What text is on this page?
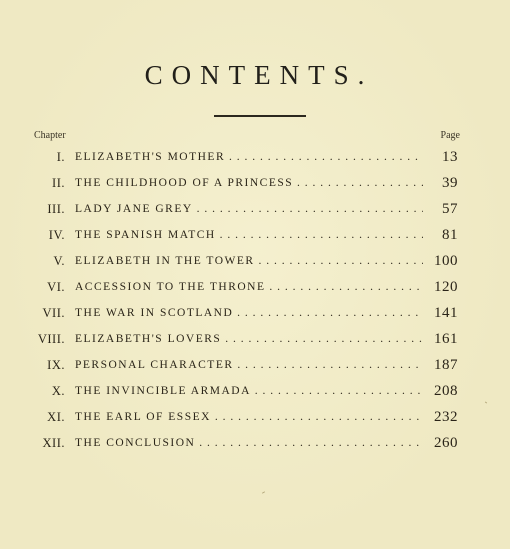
CONTENTS.
Chapter	Page
I. ELIZABETH'S MOTHER . . .	13
II. THE CHILDHOOD OF A PRINCESS . . .	39
III. LADY JANE GREY . . .	57
IV. THE SPANISH MATCH . . .	81
V. ELIZABETH IN THE TOWER . . .	100
VI. ACCESSION TO THE THRONE . . .	120
VII. THE WAR IN SCOTLAND . . .	141
VIII. ELIZABETH'S LOVERS . . .	161
IX. PERSONAL CHARACTER . . .	187
X. THE INVINCIBLE ARMADA . . .	208
XI. THE EARL OF ESSEX . . .	232
XII. THE CONCLUSION . . .	260
